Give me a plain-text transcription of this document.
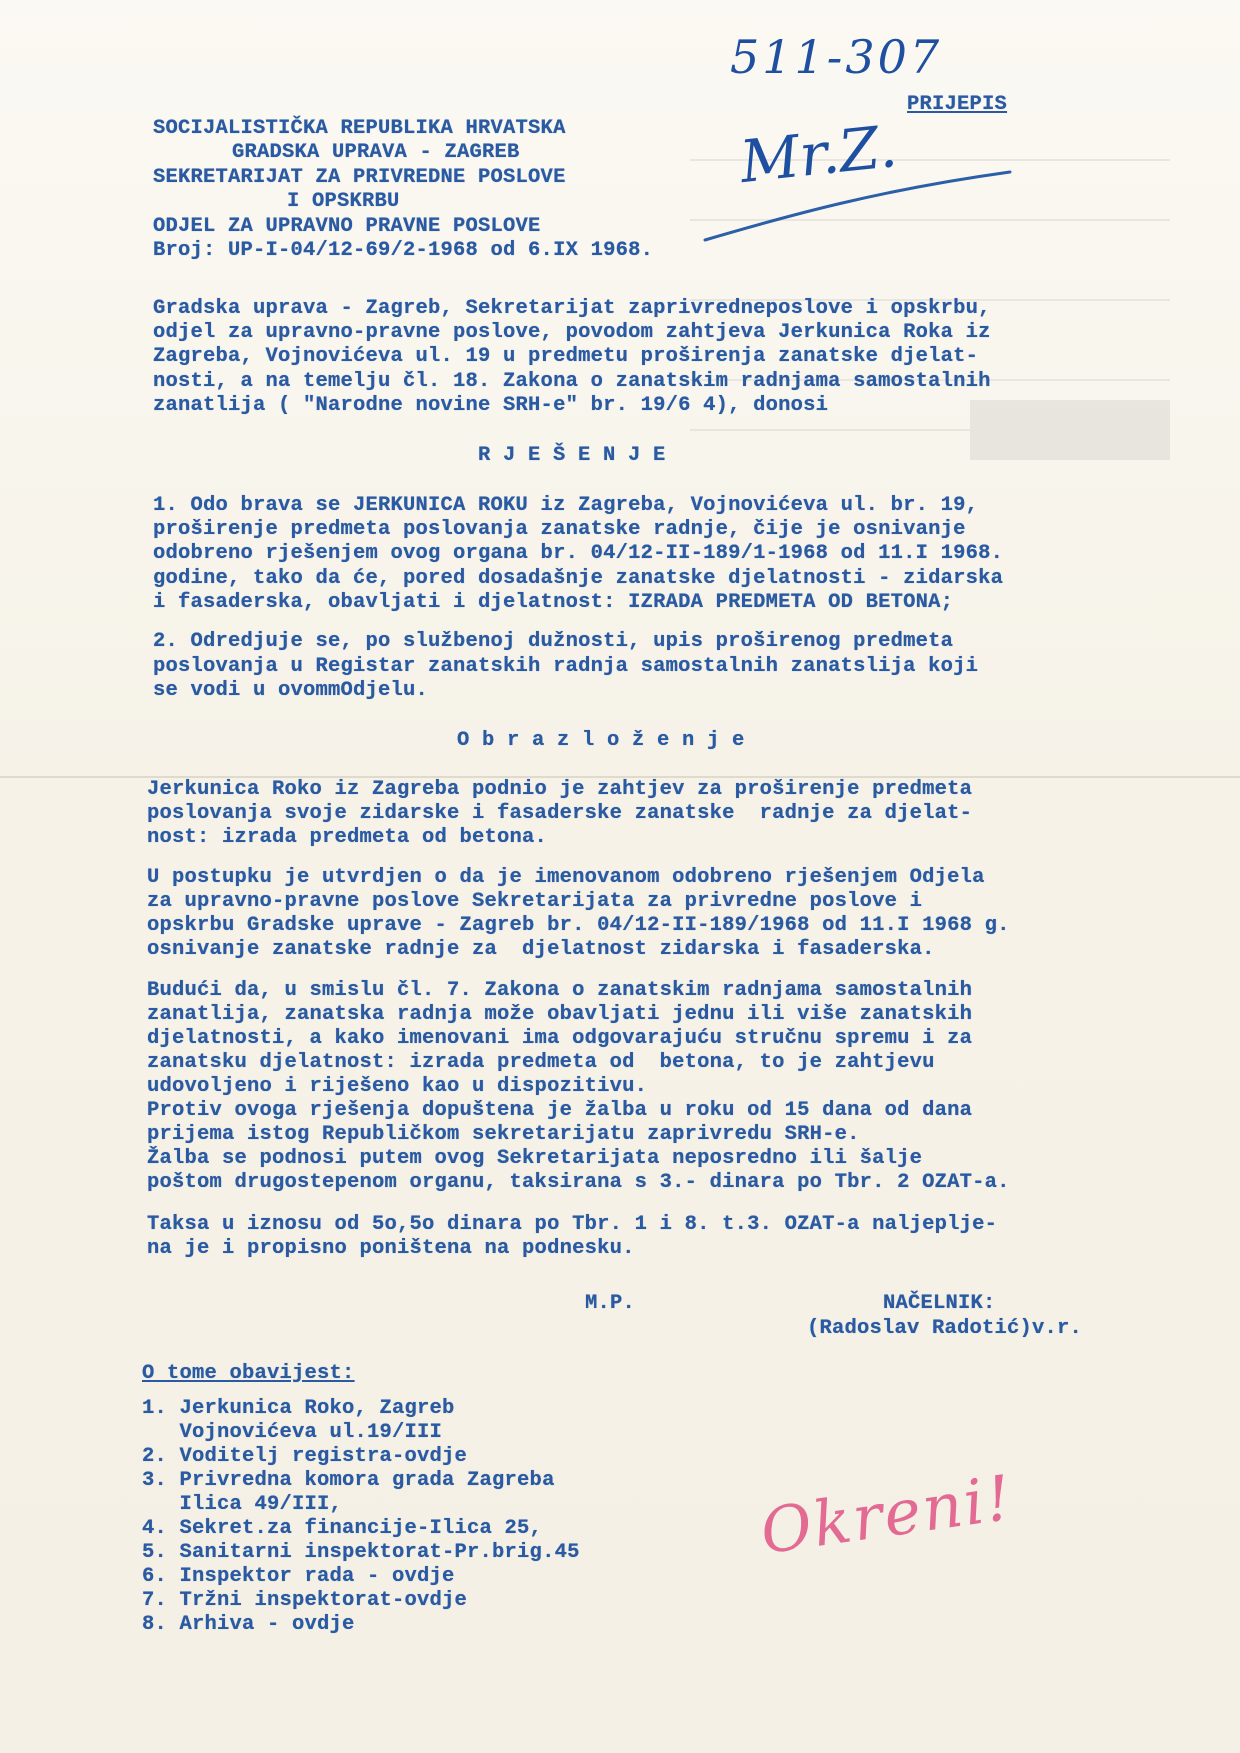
511-307
Mr.Z.
PRIJEPIS
SOCIJALISTIČKA REPUBLIKA HRVATSKA
GRADSKA UPRAVA - ZAGREB
SEKRETARIJAT ZA PRIVREDNE POSLOVE
I OPSKRBU
ODJEL ZA UPRAVNO PRAVNE POSLOVE
Broj: UP-I-04/12-69/2-1968 od 6.IX 1968.
Gradska uprava - Zagreb, Sekretarijat zaprivredneposlove i opskrbu,
odjel za upravno-pravne poslove, povodom zahtjeva Jerkunica Roka iz
Zagreba, Vojnovićeva ul. 19 u predmetu proširenja zanatske djelat-
nosti, a na temelju čl. 18. Zakona o zanatskim radnjama samostalnih
zanatlija ( "Narodne novine SRH-e" br. 19/6 4), donosi
R J E Š E N J E
1. Odo brava se JERKUNICA ROKU iz Zagreba, Vojnovićeva ul. br. 19,
proširenje predmeta poslovanja zanatske radnje, čije je osnivanje
odobreno rješenjem ovog organa br. 04/12-II-189/1-1968 od 11.I 1968.
godine, tako da će, pored dosadašnje zanatske djelatnosti - zidarska
i fasaderska, obavljati i djelatnost: IZRADA PREDMETA OD BETONA;
2. Odredjuje se, po službenoj dužnosti, upis proširenog predmeta
poslovanja u Registar zanatskih radnja samostalnih zanatslija koji
se vodi u ovommOdjelu.
O b r a z l o ž e n j e
Jerkunica Roko iz Zagreba podnio je zahtjev za proširenje predmeta
poslovanja svoje zidarske i fasaderske zanatske  radnje za djelat-
nost: izrada predmeta od betona.
U postupku je utvrdjen o da je imenovanom odobreno rješenjem Odjela
za upravno-pravne poslove Sekretarijata za privredne poslove i
opskrbu Gradske uprave - Zagreb br. 04/12-II-189/1968 od 11.I 1968 g.
osnivanje zanatske radnje za  djelatnost zidarska i fasaderska.
Budući da, u smislu čl. 7. Zakona o zanatskim radnjama samostalnih
zanatlija, zanatska radnja može obavljati jednu ili više zanatskih
djelatnosti, a kako imenovani ima odgovarajuću stručnu spremu i za
zanatsku djelatnost: izrada predmeta od  betona, to je zahtjevu
udovoljeno i riješeno kao u dispozitivu.
Protiv ovoga rješenja dopuštena je žalba u roku od 15 dana od dana
prijema istog Republičkom sekretarijatu zaprivredu SRH-e.
Žalba se podnosi putem ovog Sekretarijata neposredno ili šalje
poštom drugostepenom organu, taksirana s 3.- dinara po Tbr. 2 OZAT-a.
Taksa u iznosu od 5o,5o dinara po Tbr. 1 i 8. t.3. OZAT-a naljeplje-
na je i propisno poništena na podnesku.
M.P.	NAČELNIK:
(Radoslav Radotić)v.r.
O tome obavijest:
1. Jerkunica Roko, Zagreb
Vojnovićeva ul.19/III
2. Voditelj registra-ovdje
3. Privredna komora grada Zagreba
Ilica 49/III,
4. Sekret.za financije-Ilica 25,
5. Sanitarni inspektorat-Pr.brig.45
6. Inspektor rada - ovdje
7. Tržni inspektorat-ovdje
8. Arhiva - ovdje
Okreni!
